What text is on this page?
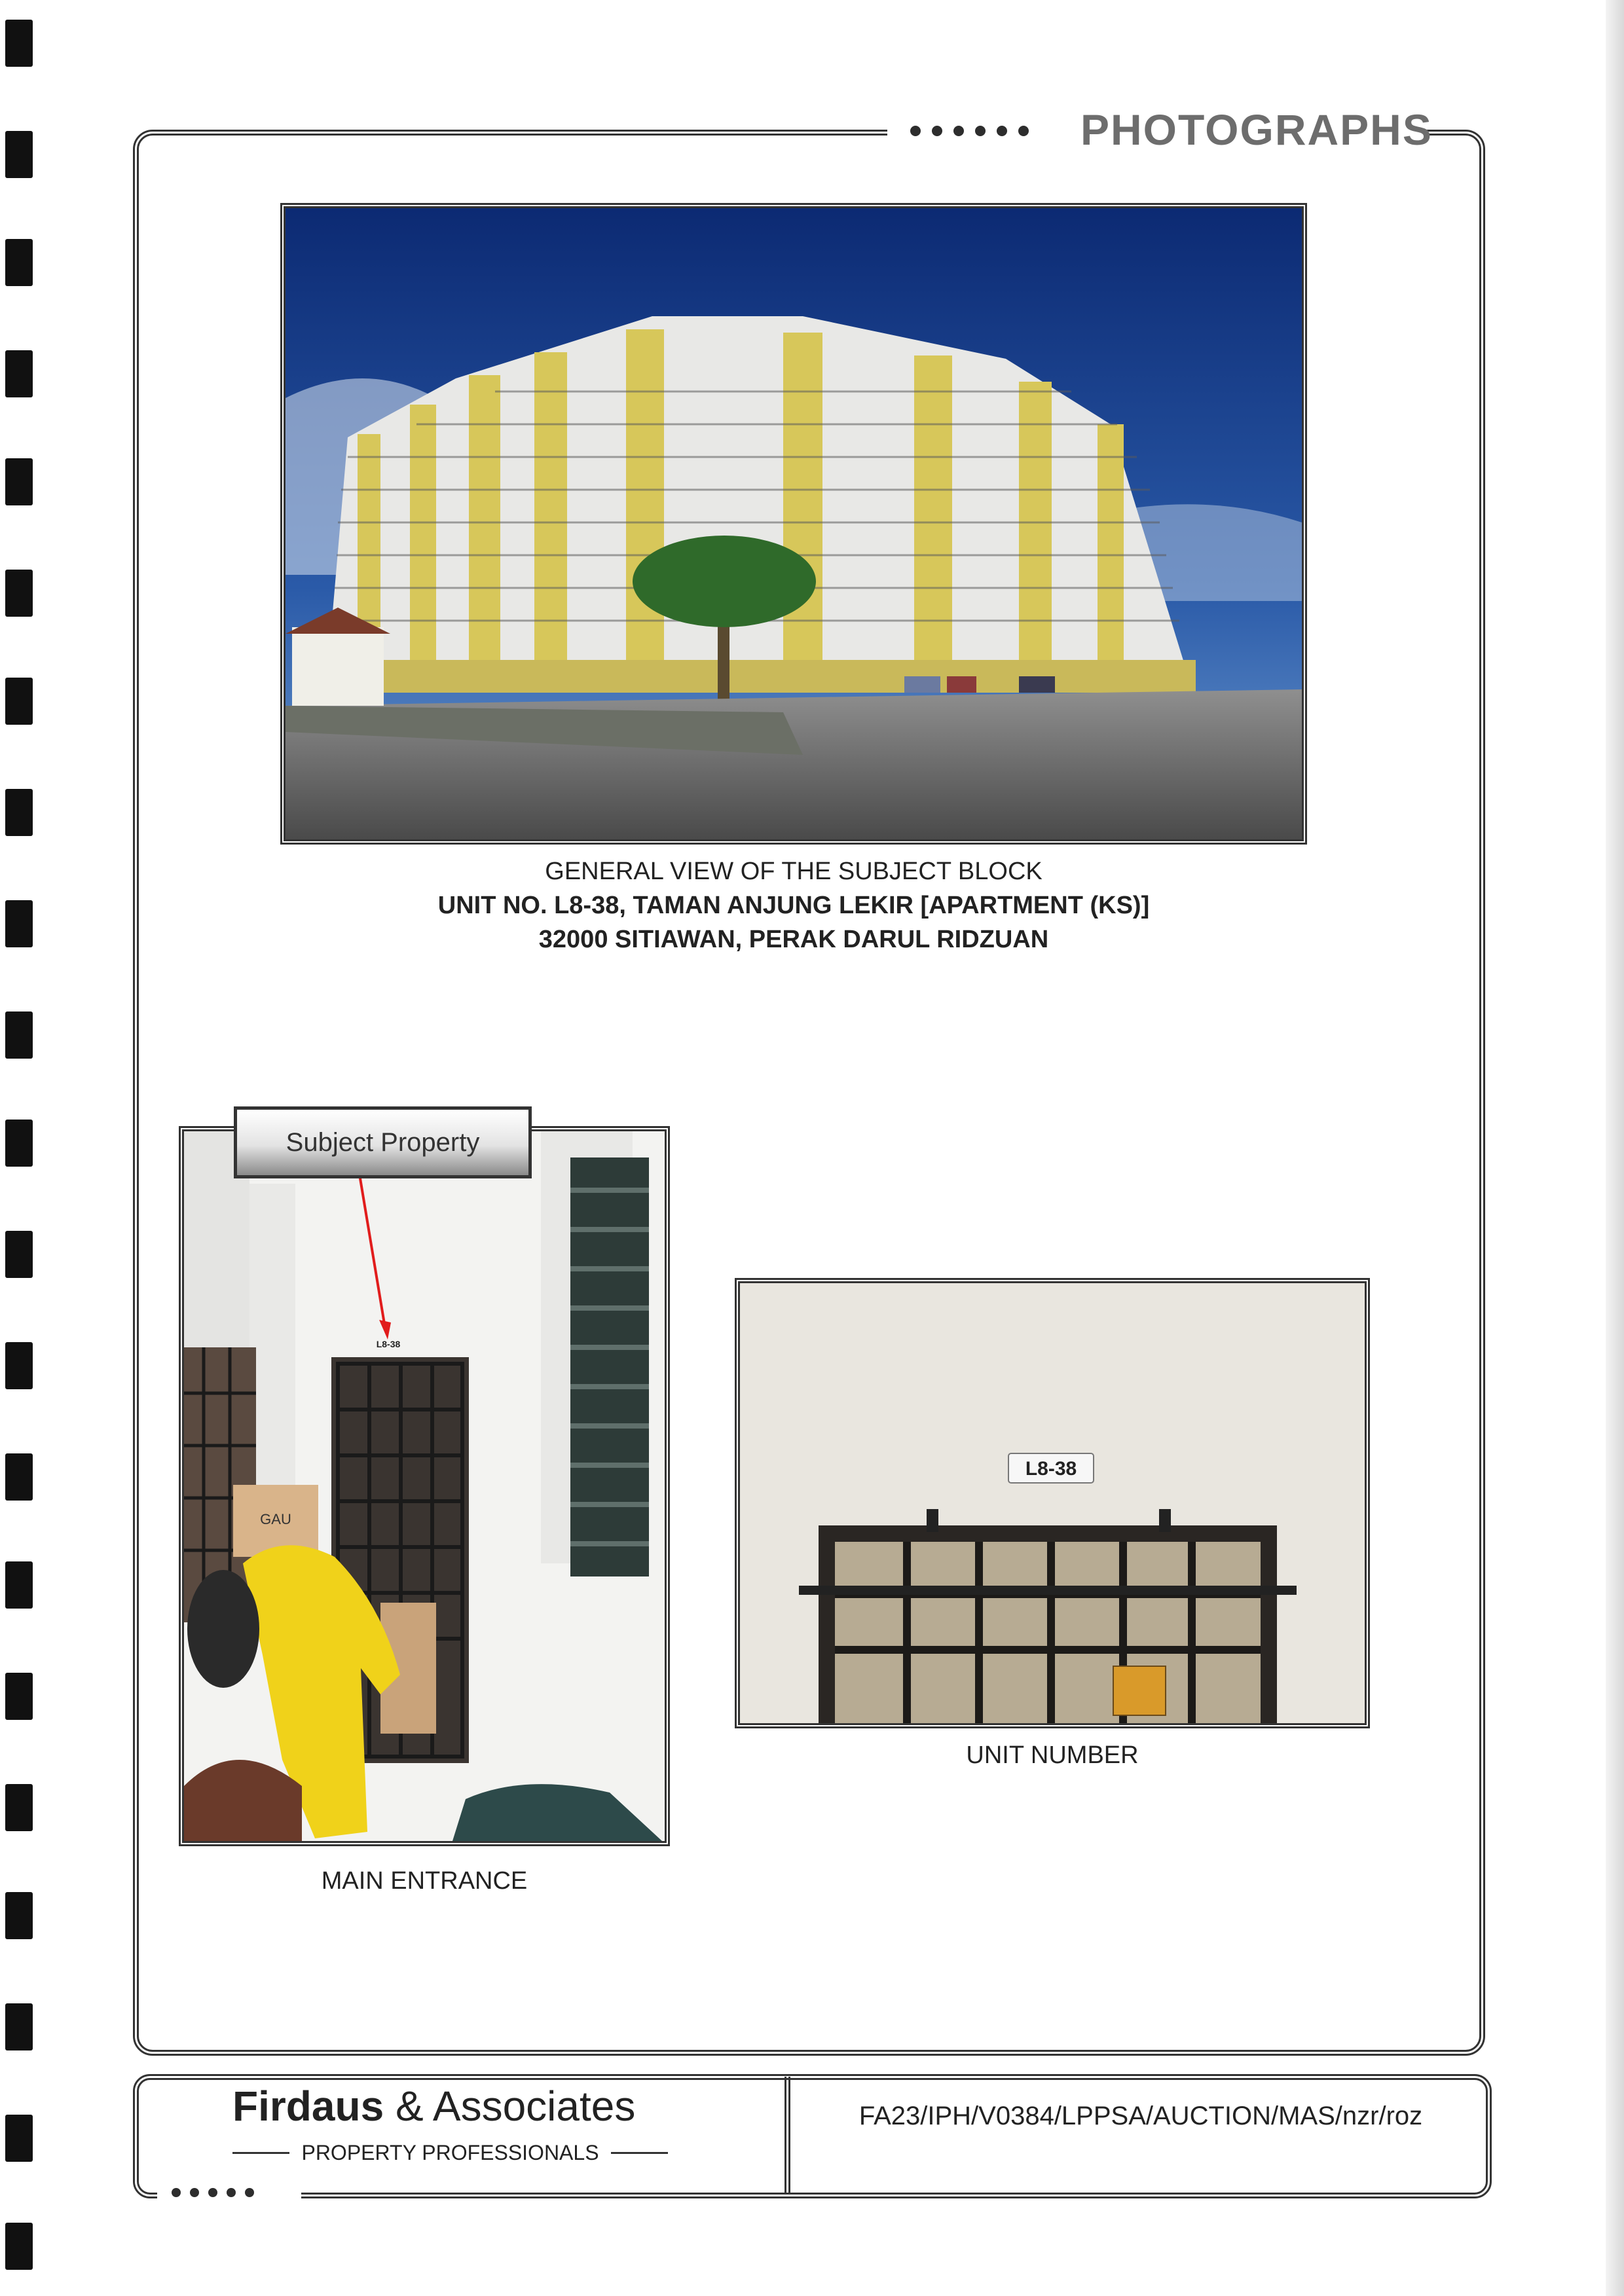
PHOTOGRAPHS
GENERAL VIEW OF THE SUBJECT BLOCK
UNIT NO. L8-38, TAMAN ANJUNG LEKIR [APARTMENT (KS)]
32000 SITIAWAN, PERAK DARUL RIDZUAN
L8-38
GAU
Subject Property
MAIN ENTRANCE
L8-38
UNIT NUMBER
Firdaus & Associates
PROPERTY PROFESSIONALS
FA23/IPH/V0384/LPPSA/AUCTION/MAS/nzr/roz
